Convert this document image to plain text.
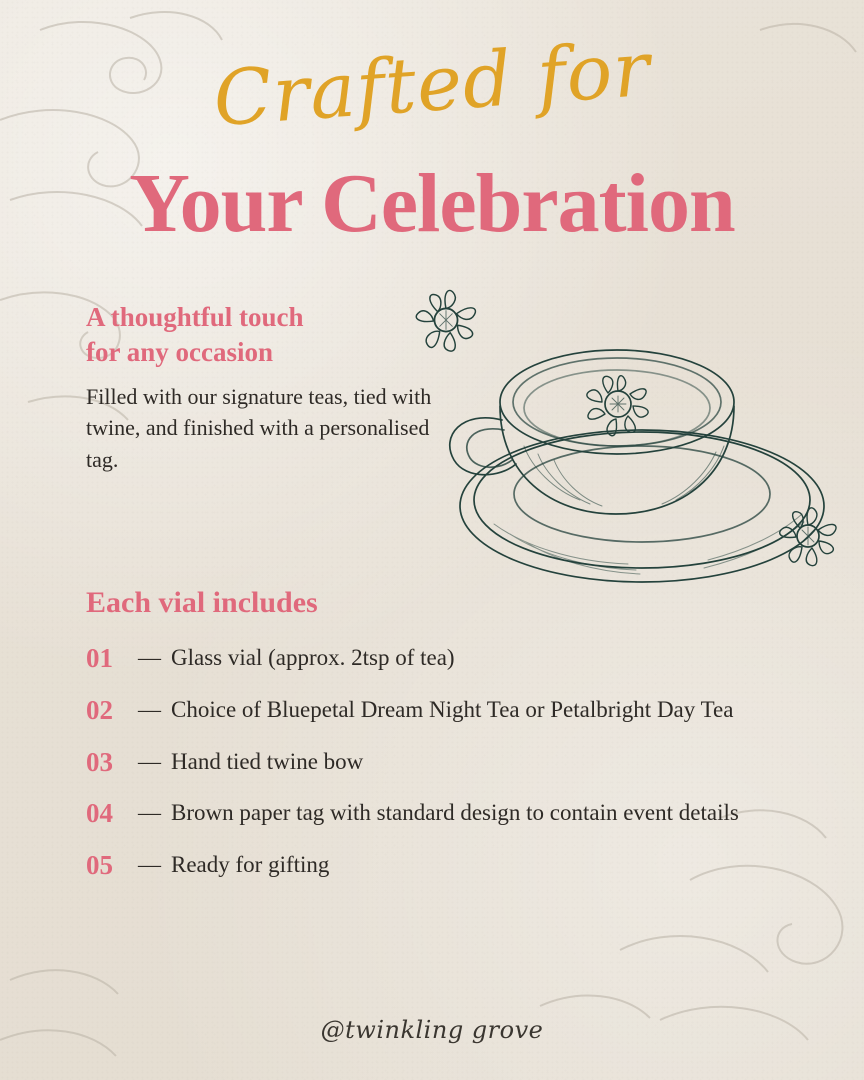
Crafted for
Your Celebration
A thoughtful touch
for any occasion

Filled with our signature teas, tied with twine, and finished with a personalised tag.

Each vial includes
01	— Glass vial (approx. 2tsp of tea)
02	— Choice of Bluepetal Dream Night Tea or Petalbright Day Tea
03	— Hand tied twine bow
04	— Brown paper tag with standard design to contain event details
05	— Ready for gifting
@twinkling grove
